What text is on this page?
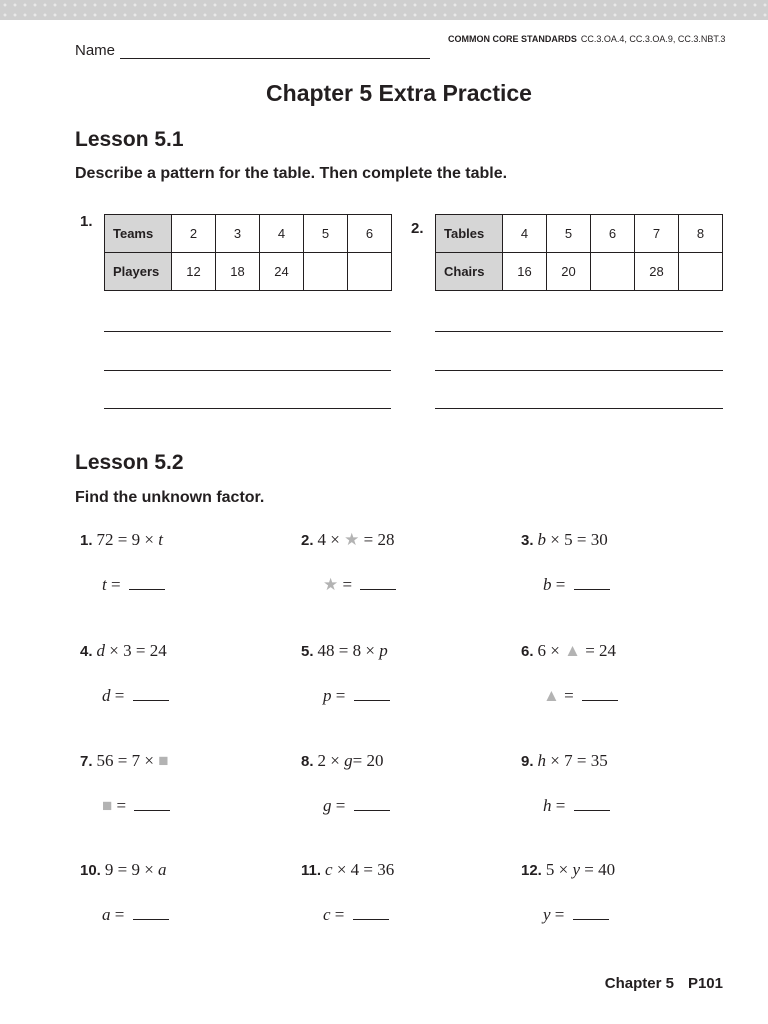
Name
COMMON CORE STANDARDS CC.3.OA.4, CC.3.OA.9, CC.3.NBT.3
Chapter 5 Extra Practice
Lesson 5.1
Describe a pattern for the table. Then complete the table.
1.
Teams	2	3	4	5	6
Players	12	18	24		
2. Tables	4	5	6	7	8
Chairs	16	20		28	
Lesson 5.2
Find the unknown factor.
1. 72 = 9 × t
t =
2. 4 × ★ = 28
★ =
3. b × 5 = 30
b =
4. d × 3 = 24
d =
5. 48 = 8 × p
p =
6. 6 × ▲ = 24
▲ =
7. 56 = 7 × ■
■ =
8. 2 × g= 20
g =
9. h × 7 = 35
h =
10. 9 = 9 × a
a =
11. c × 4 = 36
c =
12. 5 × y = 40
y =
Chapter 5 P101
